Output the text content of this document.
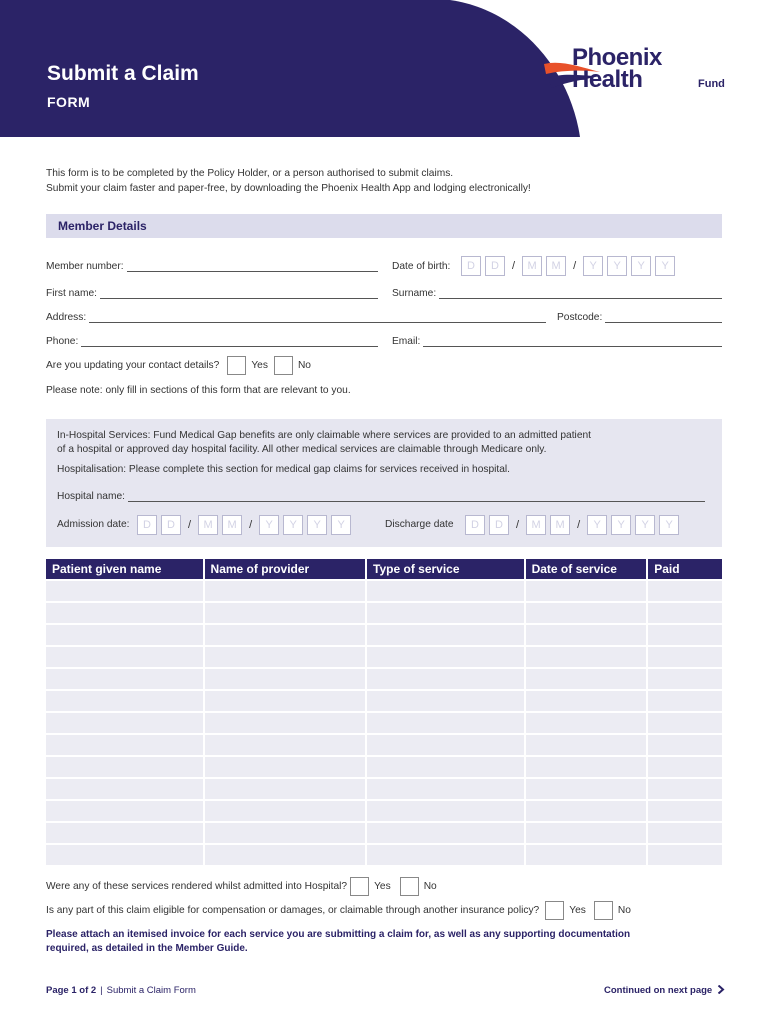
Submit a Claim
FORM
Phoenix
Health	Fund
This form is to be completed by the Policy Holder, or a person authorised to submit claims.
Submit your claim faster and paper-free, by downloading the Phoenix Health App and lodging electronically!
Member Details
Member number:	Date of birth:	D	D	/	M	M	/	Y	Y	Y	Y
First name:	Surname:
Address:	Postcode:
Phone:	Email:
Are you updating your contact details?	Yes	No
Please note: only fill in sections of this form that are relevant to you.
In-Hospital Services: Fund Medical Gap benefits are only claimable where services are provided to an admitted patient
of a hospital or approved day hospital facility. All other medical services are claimable through Medicare only.
Hospitalisation: Please complete this section for medical gap claims for services received in hospital.
Hospital name:
Admission date:	D	D	/	M	M	/	Y	Y	Y	Y	Discharge date	D	D	/	M	M	/	Y	Y	Y	Y
Patient given name	Name of provider	Type of service	Date of service	Paid
Were any of these services rendered whilst admitted into Hospital?	Yes	No
Is any part of this claim eligible for compensation or damages, or claimable through another insurance policy?	Yes	No
Please attach an itemised invoice for each service you are submitting a claim for, as well as any supporting documentation
required, as detailed in the Member Guide.
Page 1 of 2 | Submit a Claim Form	Continued on next page
